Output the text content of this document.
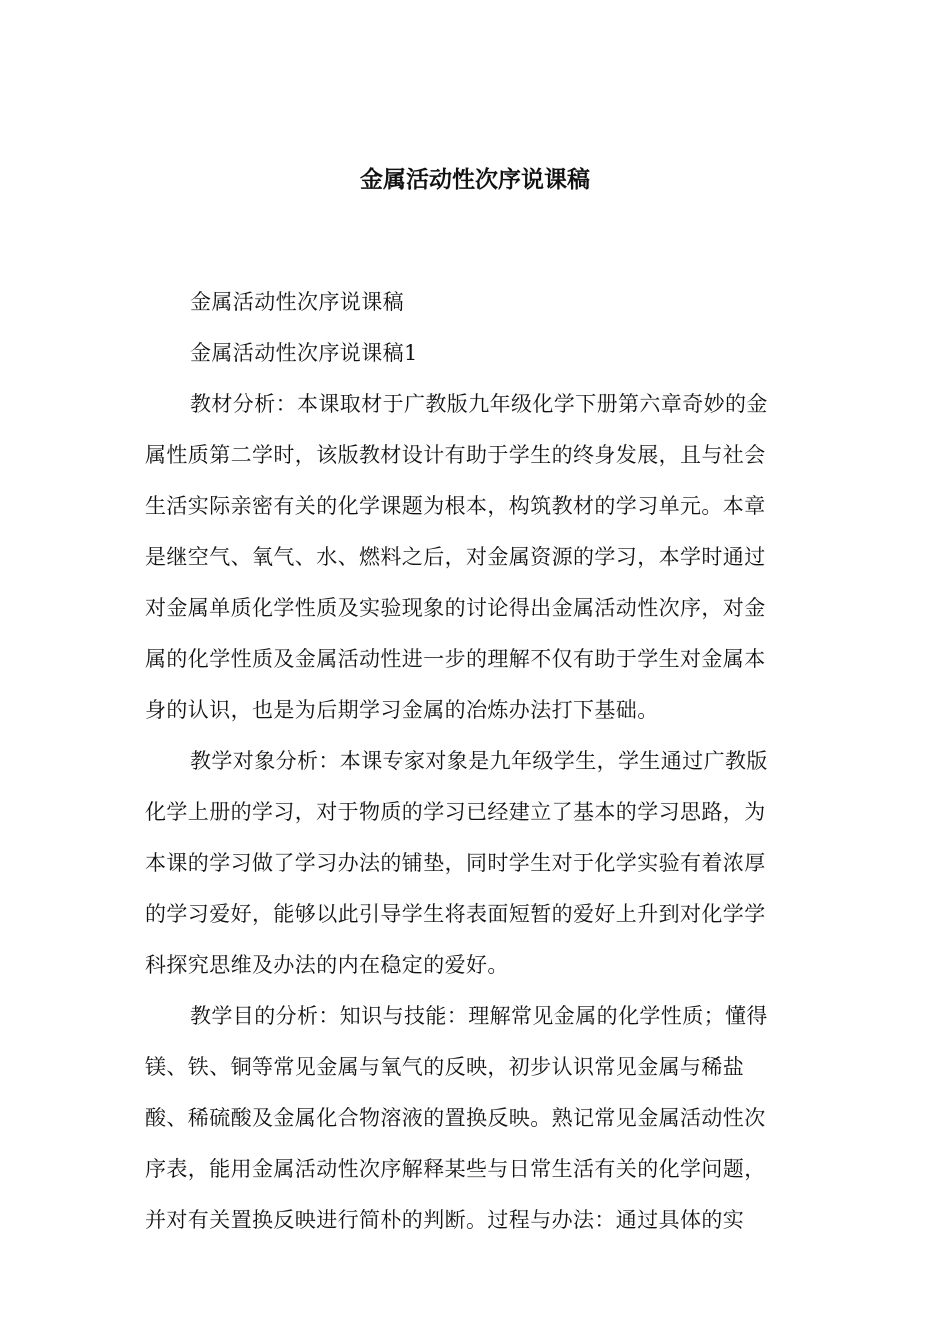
金属活动性次序说课稿

金属活动性次序说课稿

金属活动性次序说课稿1

教材分析：本课取材于广教版九年级化学下册第六章奇妙的金
属性质第二学时，该版教材设计有助于学生的终身发展，且与社会
生活实际亲密有关的化学课题为根本，构筑教材的学习单元。本章
是继空气、氧气、水、燃料之后，对金属资源的学习，本学时通过
对金属单质化学性质及实验现象的讨论得出金属活动性次序，对金
属的化学性质及金属活动性进一步的理解不仅有助于学生对金属本
身的认识，也是为后期学习金属的冶炼办法打下基础。

教学对象分析：本课专家对象是九年级学生，学生通过广教版
化学上册的学习，对于物质的学习已经建立了基本的学习思路，为
本课的学习做了学习办法的铺垫，同时学生对于化学实验有着浓厚
的学习爱好，能够以此引导学生将表面短暂的爱好上升到对化学学
科探究思维及办法的内在稳定的爱好。

教学目的分析：知识与技能：理解常见金属的化学性质；懂得
镁、铁、铜等常见金属与氧气的反映，初步认识常见金属与稀盐
酸、稀硫酸及金属化合物溶液的置换反映。熟记常见金属活动性次
序表，能用金属活动性次序解释某些与日常生活有关的化学问题，
并对有关置换反映进行简朴的判断。过程与办法：通过具体的实
